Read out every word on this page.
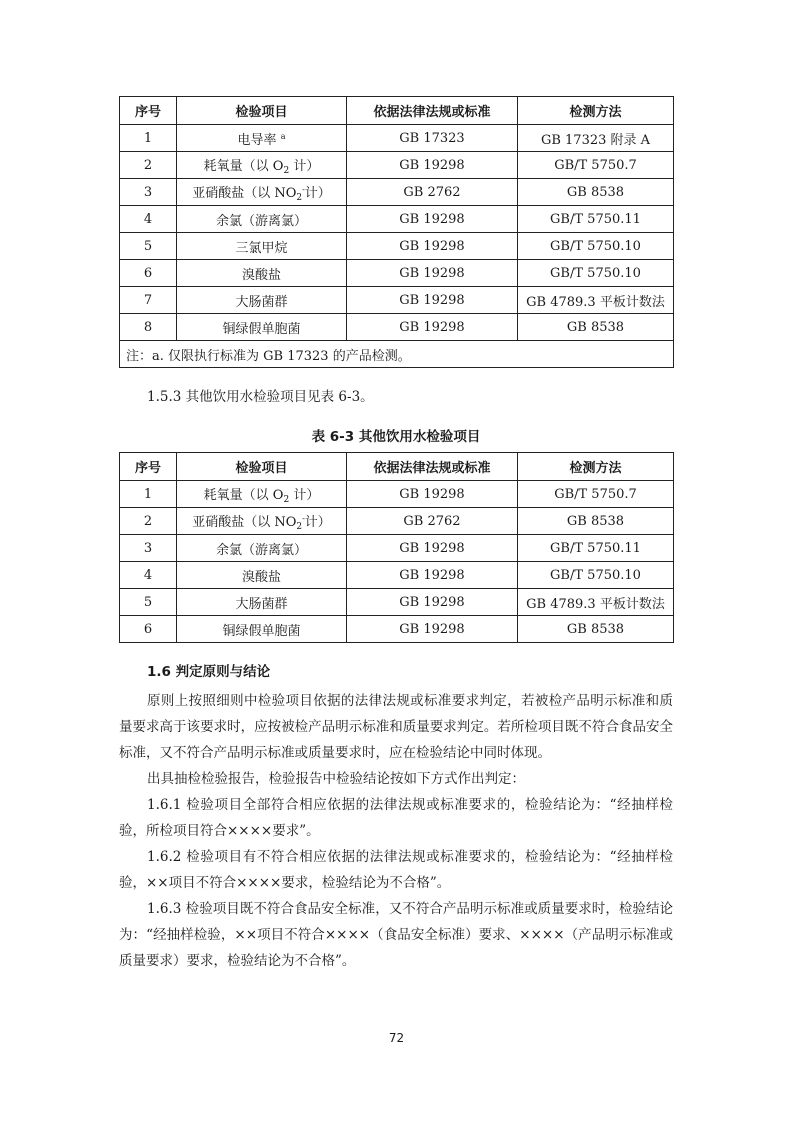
序号	检验项目	依据法律法规或标准	检测方法
1	电导率 $^a$	GB 17323	GB 17323 附录 A
2	耗氧量（以 $O_2$ 计）	GB 19298	GB/T 5750.7
3	亚硝酸盐（以 $NO_2^-$计）	GB 2762	GB 8538
4	余氯（游离氯）	GB 19298	GB/T 5750.11
5	三氯甲烷	GB 19298	GB/T 5750.10
6	溴酸盐	GB 19298	GB/T 5750.10
7	大肠菌群	GB 19298	GB 4789.3 平板计数法
8	铜绿假单胞菌	GB 19298	GB 8538
注：a. 仅限执行标准为 GB 17323 的产品检测。			

1.5.3 其他饮用水检验项目见表 6-3。

表 6-3 其他饮用水检验项目
序号	检验项目	依据法律法规或标准	检测方法
1	耗氧量（以 $O_2$ 计）	GB 19298	GB/T 5750.7
2	亚硝酸盐（以 $NO_2^-$计）	GB 2762	GB 8538
3	余氯（游离氯）	GB 19298	GB/T 5750.11
4	溴酸盐	GB 19298	GB/T 5750.10
5	大肠菌群	GB 19298	GB 4789.3 平板计数法
6	铜绿假单胞菌	GB 19298	GB 8538
1.6 判定原则与结论

原则上按照细则中检验项目依据的法律法规或标准要求判定，若被检产品明示标准和质量要求高于该要求时，应按被检产品明示标准和质量要求判定。若所检项目既不符合食品安全标准，又不符合产品明示标准或质量要求时，应在检验结论中同时体现。

出具抽检检验报告，检验报告中检验结论按如下方式作出判定：

1.6.1 检验项目全部符合相应依据的法律法规或标准要求的，检验结论为：“经抽样检验，所检项目符合××××要求”。

1.6.2 检验项目有不符合相应依据的法律法规或标准要求的，检验结论为：“经抽样检验，××项目不符合××××要求，检验结论为不合格”。

1.6.3 检验项目既不符合食品安全标准，又不符合产品明示标准或质量要求时，检验结论为：“经抽样检验，××项目不符合××××（食品安全标准）要求、××××（产品明示标准或质量要求）要求，检验结论为不合格”。

72
